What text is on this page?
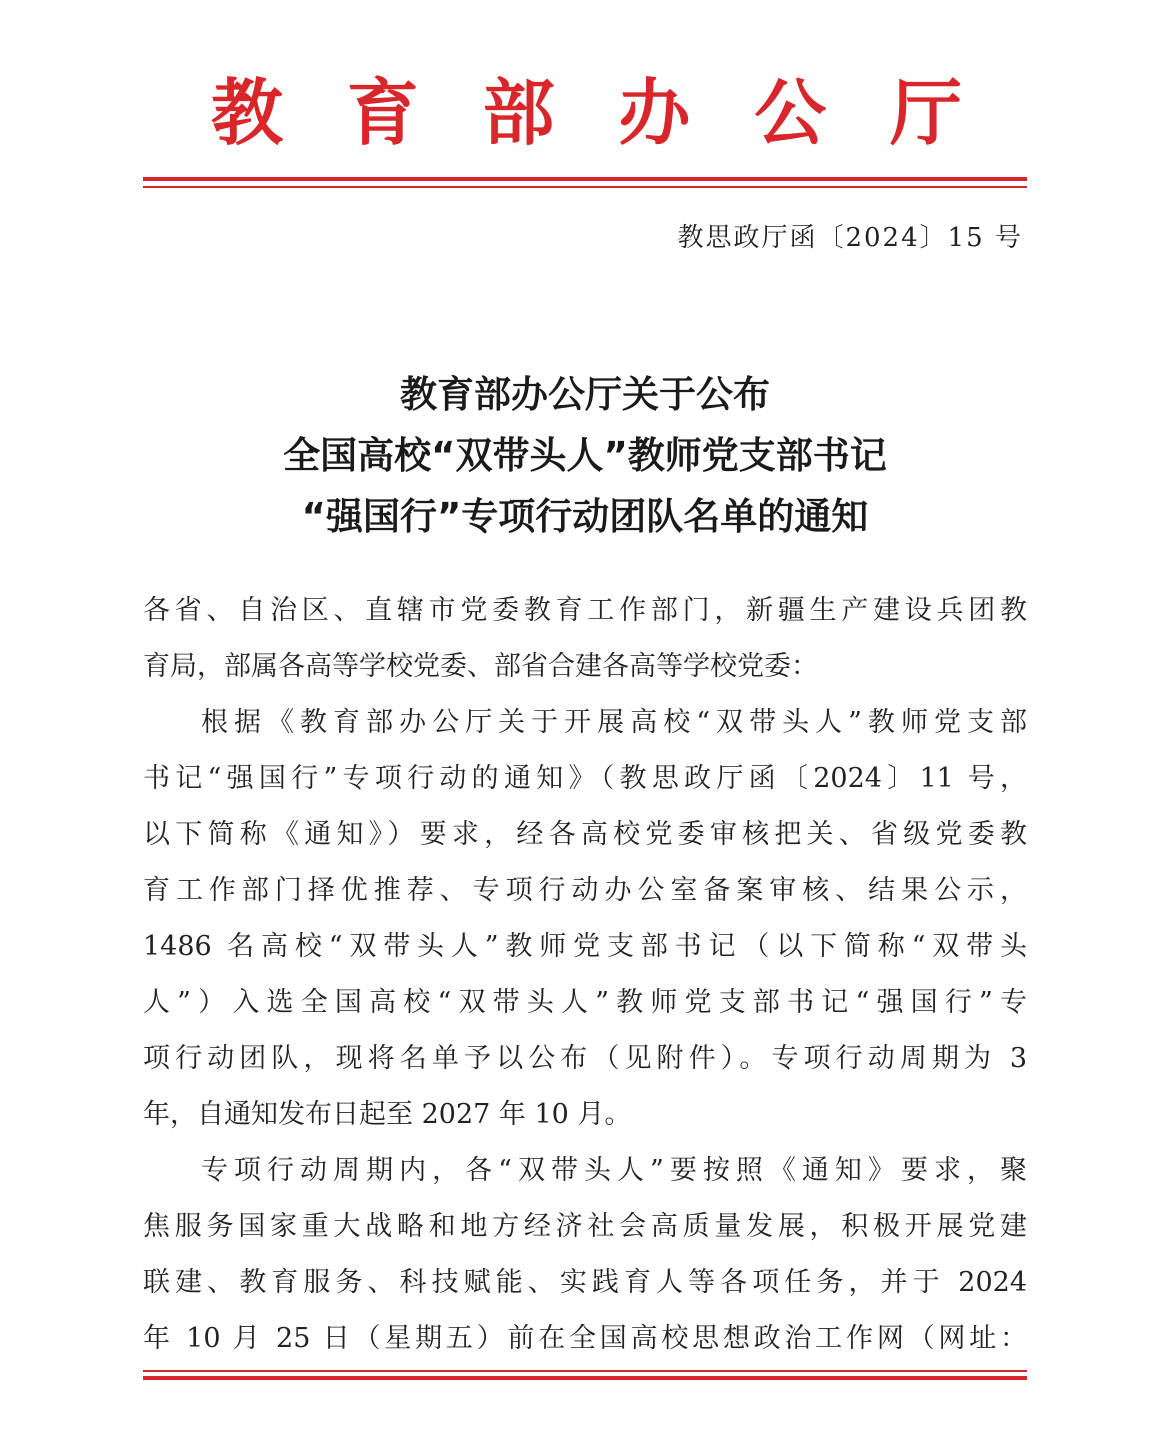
教 育 部 办 公 厅
教思政厅函〔2024〕15 号
教育部办公厅关于公布
全国高校“双带头人”教师党支部书记
“强国行”专项行动团队名单的通知
各省、自治区、直辖市党委教育工作部门，新疆生产建设兵团教
育局，部属各高等学校党委、部省合建各高等学校党委：
根据《教育部办公厅关于开展高校“双带头人”教师党支部
书记“强国行”专项行动的通知》（教思政厅函〔2024〕11 号，
以下简称《通知》）要求，经各高校党委审核把关、省级党委教
育工作部门择优推荐、专项行动办公室备案审核、结果公示，
1486 名高校“双带头人”教师党支部书记（以下简称“双带头
人”）入选全国高校“双带头人”教师党支部书记“强国行”专
项行动团队，现将名单予以公布（见附件）。专项行动周期为 3
年，自通知发布日起至 2027 年 10 月。
专项行动周期内，各“双带头人”要按照《通知》要求，聚
焦服务国家重大战略和地方经济社会高质量发展，积极开展党建
联建、教育服务、科技赋能、实践育人等各项任务，并于 2024
年 10 月 25 日（星期五）前在全国高校思想政治工作网（网址：
